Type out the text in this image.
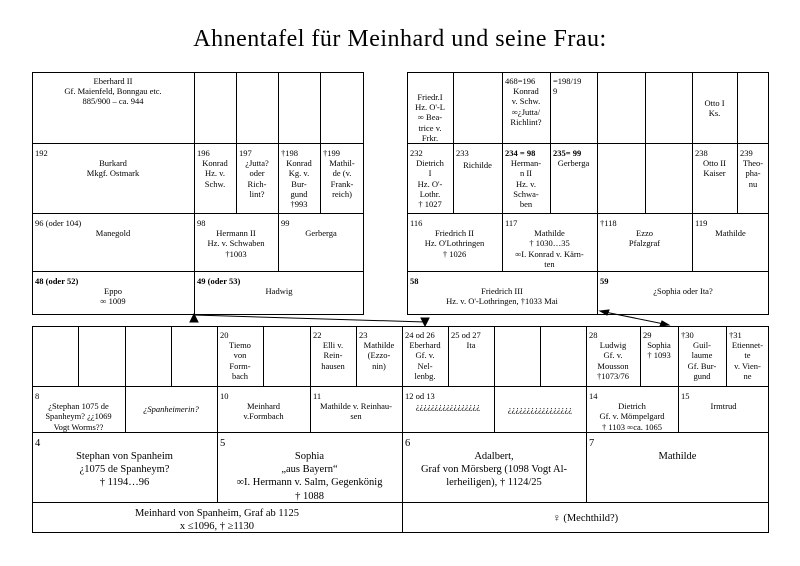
Ahnentafel für Meinhard und seine Frau:
Eberhard II
Gf. Maienfeld, Bonngau etc.
885/900 – ca. 944
192
Burkard
Mkgf. Ostmark
196
Konrad
Hz. v.
Schw.
197
¿Jutta?
oder
Rich-
lint?
†198
Konrad
Kg. v.
Bur-
gund
†993
†199
Mathil-
de (v.
Frank-
reich)
96 (oder 104)
Manegold
98
Hermann II
Hz. v. Schwaben
†1003
99
Gerberga
48 (oder 52)
Eppo
∞ 1009
49 (oder 53)
Hadwig
Friedr.I
Hz. O'-L
∞ Bea-
trice v.
Frkr.
468=196
Konrad
v. Schw.
∞¿Jutta/
Richlint?
=198/19
9
Otto I
Ks.
232
Dietrich
I
Hz. O'-
Lothr.
† 1027
233
Richilde
234 = 98
Herman-
n II
Hz. v.
Schwa-
ben
235= 99
Gerberga
238
Otto II
Kaiser
239
Theo-
pha-
nu
116
Friedrich II
Hz. O'Lothringen
† 1026
117
Mathilde
† 1030…35
∞I. Konrad v. Kärn-
ten
†118
Ezzo
Pfalzgraf
119
Mathilde
58
Friedrich III
Hz. v. O'-Lothringen, †1033 Mai
59
¿Sophia oder Ita?
20
Tiemo
von
Form-
bach
22
Elli v.
Rein-
hausen
23
Mathilde
(Ezzo-
nin)
24 od 26
Eberhard
Gf. v.
Nel-
lenbg.
25 od 27
Ita
28
Ludwig
Gf. v.
Mousson
†1073/76
29
Sophia
† 1093
†30
Guil-
laume
Gf. Bur-
gund
†31
Etiennet-
te
v. Vien-
ne
8
¿Stephan 1075 de
Spanheym? ¿¿1069
Vogt Worms??
¿Spanheimerin?
10
Meinhard
v.Formbach
11
Mathilde v. Reinhau-
sen
12 od 13
¿¿¿¿¿¿¿¿¿¿¿¿¿¿¿¿¿	¿¿¿¿¿¿¿¿¿¿¿¿¿¿¿¿¿
14
Dietrich
Gf. v. Mömpelgard
† 1103 ∞ca. 1065
15
Irmtrud
4
Stephan von Spanheim
¿1075 de Spanheym?
† 1194…96
5
Sophia
„aus Bayern“
∞I. Hermann v. Salm, Gegenkönig
† 1088
6
Adalbert,
Graf von Mörsberg (1098 Vogt Al-
lerheiligen), † 1124/25
7
Mathilde
Meinhard von Spanheim, Graf ab 1125
x ≤1096, † ≥1130
♀ (Mechthild?)
